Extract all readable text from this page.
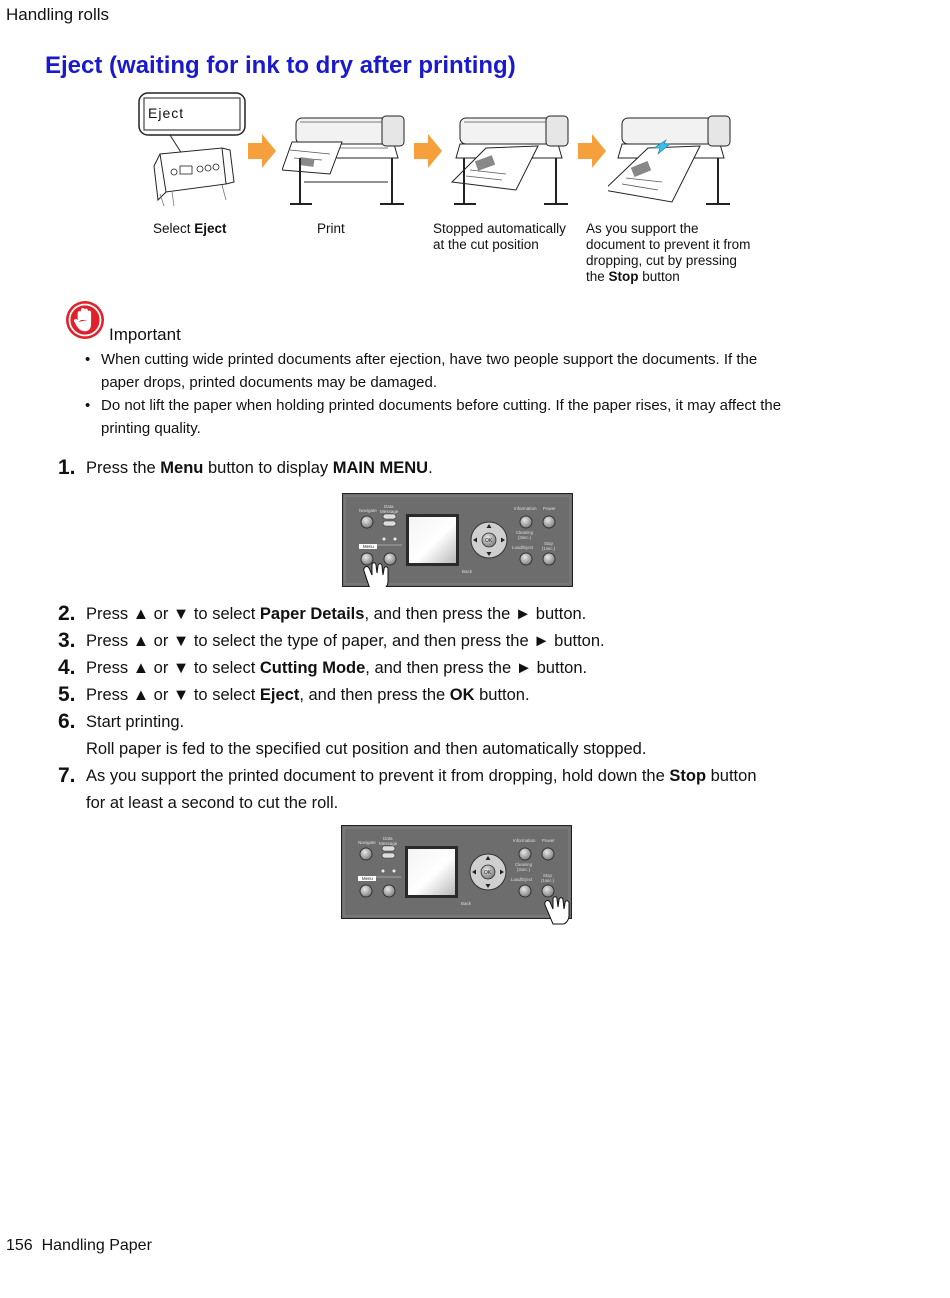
Handling rolls
Eject (waiting for ink to dry after printing)
Eject
Select Eject	Print	Stopped automatically
at the cut position
As you support the
document to prevent it from
dropping, cut by pressing
the Stop button
Important
• When cutting wide printed documents after ejection, have two people support the documents. If the
paper drops, printed documents may be damaged.
• Do not lift the paper when holding printed documents before cutting. If the paper rises, it may affect the
printing quality.
1. Press the Menu button to display MAIN MENU.
Navigate
Data
Message
Menu
Back
OK
Information Power
Cleaning
(3sec.)
Load/Eject
Stop
(1sec.)
2. Press ▲ or ▼ to select Paper Details, and then press the ► button.
3. Press ▲ or ▼ to select the type of paper, and then press the ► button.
4. Press ▲ or ▼ to select Cutting Mode, and then press the ► button.
5. Press ▲ or ▼ to select Eject, and then press the OK button.
6. Start printing.
Roll paper is fed to the specified cut position and then automatically stopped.
7. As you support the printed document to prevent it from dropping, hold down the Stop button
for at least a second to cut the roll.
Navigate
Data
Message
Menu
Back
OK
Information Power
Cleaning
(3sec.)
Load/Eject
Stop
(1sec.)
156 Handling Paper
